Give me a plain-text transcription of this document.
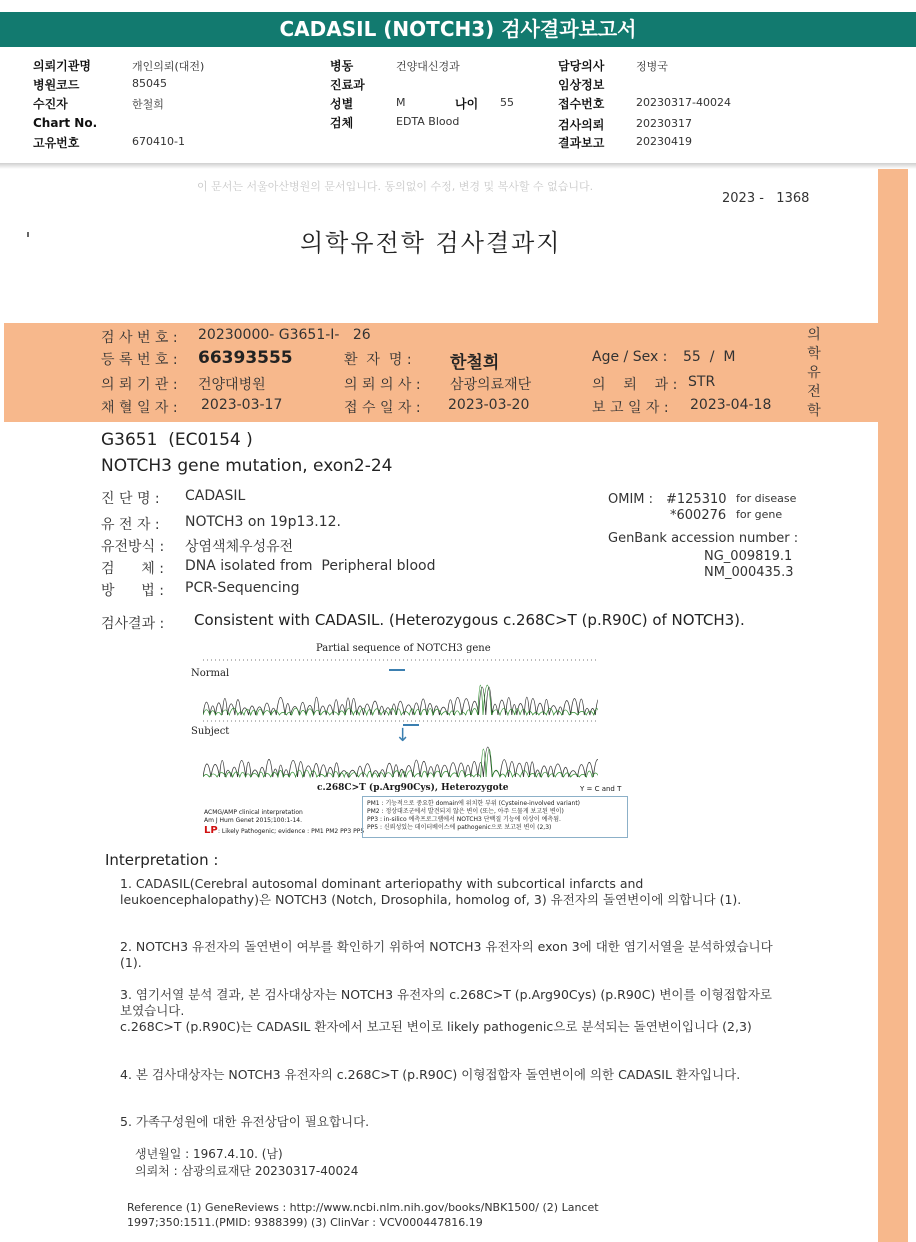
CADASIL (NOTCH3) 검사결과보고서
의뢰기관명	개인의뢰(대전)
병원코드	85045
수진자	한철희
Chart No.
고유번호	670410-1
병동	건양대신경과
진료과
성별	M	나이 55
검체	EDTA Blood
담당의사	정병국
임상정보
접수번호	20230317-40024
검사의뢰	20230317
결과보고	20230419
이 문서는 서울아산병원의 문서입니다. 동의없이 수정, 변경 및 복사할 수 없습니다.
2023 -   1368
의학유전학 검사결과지
검 사 번 호 : 20230000- G3651-I-   26
등 록 번 호 : 66393555	환  자  명 : 한철희	Age / Sex : 55  /  M
의 뢰 기 관 : 건양대병원	의 뢰 의 사 : 삼광의료재단	의    뢰    과 : STR
채 혈 일 자 : 2023-03-17	접 수 일 자 : 2023-03-20	보 고 일 자 : 2023-04-18
의
학
유
전
학
G3651  (EC0154 )
NOTCH3 gene mutation, exon2-24
진 단 명 : CADASIL
유 전 자 : NOTCH3 on 19p13.12.
유전방식 : 상염색체우성유전
검      체 : DNA isolated from  Peripheral blood
방      법 : PCR-Sequencing
OMIM : #125310 for disease
*600276 for gene
GenBank accession number :
NG_009819.1
NM_000435.3
검사결과 : Consistent with CADASIL. (Heterozygous c.268C>T (p.R90C) of NOTCH3).
Partial sequence of NOTCH3 gene
Normal
Subject	↓
c.268C>T (p.Arg90Cys), Heterozygote	Y = C and T
ACMG/AMP clinical interpretation
Am J Hum Genet 2015;100:1-14.
LP : Likely Pathogenic; evidence : PM1 PM2 PP3 PP5
PM1 : 기능적으로 중요한 domain에 위치한 부위 (Cysteine-involved variant)
PM2 : 정상대조군에서 발견되지 않은 변이 (또는, 아주 드물게 보고된 변이)
PP3 : in-silico 예측프로그램에서 NOTCH3 단백질 기능에 이상이 예측됨.
PP5 : 신뢰성있는 데이터베이스에 pathogenic으로 보고된 변이 (2,3)
Interpretation :
1. CADASIL(Cerebral autosomal dominant arteriopathy with subcortical infarcts and leukoencephalopathy)은 NOTCH3 (Notch, Drosophila, homolog of, 3) 유전자의 돌연변이에 의합니다 (1).
2. NOTCH3 유전자의 돌연변이 여부를 확인하기 위하여 NOTCH3 유전자의 exon 3에 대한 염기서열을 분석하였습니다 (1).
3. 염기서열 분석 결과, 본 검사대상자는 NOTCH3 유전자의 c.268C>T (p.Arg90Cys) (p.R90C) 변이를 이형접합자로 보였습니다.
c.268C>T (p.R90C)는 CADASIL 환자에서 보고된 변이로 likely pathogenic으로 분석되는 돌연변이입니다 (2,3)
4. 본 검사대상자는 NOTCH3 유전자의 c.268C>T (p.R90C) 이형접합자 돌연변이에 의한 CADASIL 환자입니다.
5. 가족구성원에 대한 유전상담이 필요합니다.
생년월일 : 1967.4.10. (남)
의뢰처 : 삼광의료재단 20230317-40024
Reference (1) GeneReviews : http://www.ncbi.nlm.nih.gov/books/NBK1500/ (2) Lancet 1997;350:1511.(PMID: 9388399) (3) ClinVar : VCV000447816.19
